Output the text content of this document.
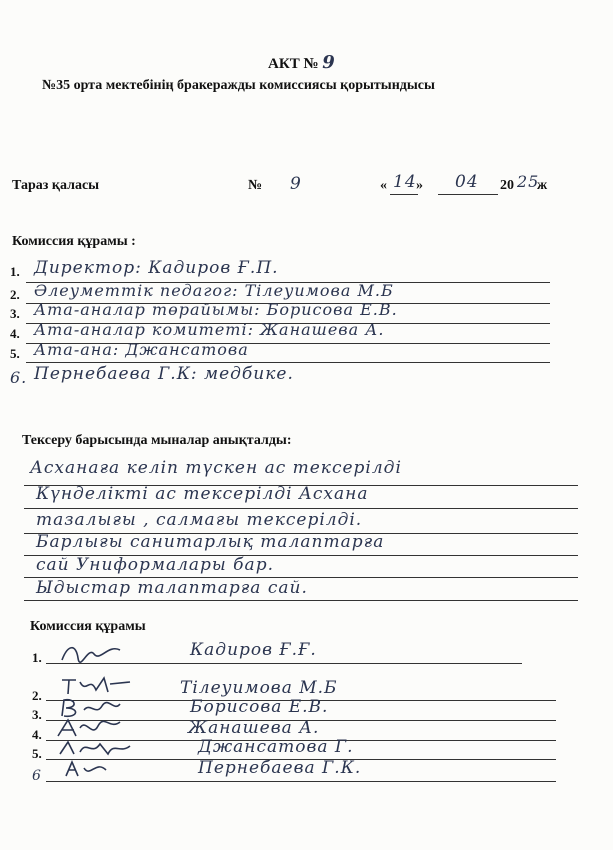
АКТ № 9
№35 орта мектебінің бракеражды комиссиясы қорытындысы
Тараз қаласы	№ 9	« 14 » 04 20 25
ж
Комиссия құрамы :
1. Директор: Кадиров Ғ.П.
2. Әлеуметтік педагог: Тілеуимова М.Б
3. Ата-аналар төрайымы: Борисова Е.В.
4. Ата-аналар комитеті: Жанашева А.
5. Ата-ана: Джансатова
6. Пернебаева Г.К: медбике.
Тексеру барысында мыналар анықталды:
Асханаға келіп түскен ас тексерілді
Күнделікті ас тексерілді Асхана
тазалығы , салмағы тексерілді.
Барлығы санитарлық талаптарға
сай Униформалары бар.
Ыдыстар талаптарға сай.
Комиссия құрамы
1.	Кадиров Ғ.Ғ.
2.	Тілеуимова М.Б
3.	Борисова Е.В.
4.	Жанашева А.
5.	Джансатова Г.
6	Пернебаева Г.К.
